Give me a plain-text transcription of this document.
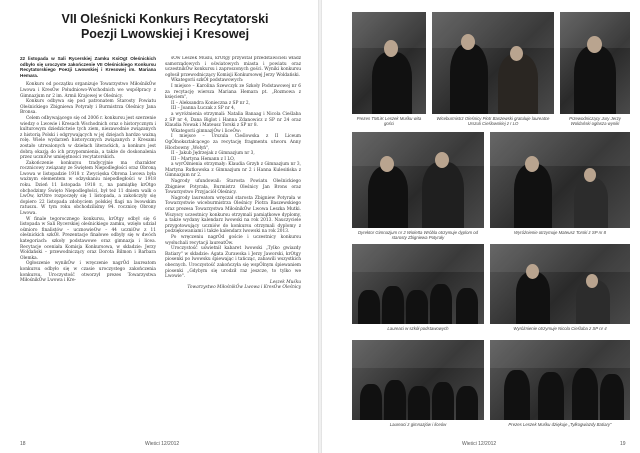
VII Oleśnicki Konkurs Recytatorski
Poezji Lwowskiej i Kresowej

22 listopada w Sali Rycerskiej Zamku KsiOgt Oleśnickich odbyło się uroczyste zakończenie VII Oleśnickiego Konkursu Recytatorskiego Poezji Lwowskiej i Kresowej im. Mariana Hemara.

Konkurs od początku organizuje Towarzystwo MiłośnikÓw Lwowa i KresÓw Południowo-Wschodnich we współpracy z Gimnazjum nr 2 im. Armii Krajowej w Oleśnicy.

Konkurs odbywa się pod patronatem Starosty Powiatu Oleśnickiego Zbigniewa Potyrały i Burmistrza Oleśnicy Jana Bronsa.

Celem odbywającego się od 2006 r. konkursu jest szerzenie wiedzy o Lwowie i Kresach Wschodnich oraz o historycznym i kulturowym dziedzictwie tych ziem, niezawodnie związanych z historią Polski i odgrywających w jej dziejach bardzo ważną rolę. Wiele wydarzeń historycznych związanych z Kresami zostało utrwalonych w dziełach literackich, a konkurs jest dobrą okazją do ich przypomnienia, a także do doskonalenia przez uczniÓw umiejętności recytatorskich.

Zakończenie konkursu tradycyjnie ma charakter rocznicowy związany ze Świętem Niepodległości oraz Obroną Lwowa w listopadzie 1918 r. Zwycięska Obrona Lwowa była ważnym elementem w odzyskaniu niepodległości w 1918 roku. Dzień 11 listopada 1918 r., na pamiątkę krOtgo obchodzimy Święto Niepodległości, był też 11 dniem walk o LwÓw, krOtre rozpoczęły się 1 listopada, a zakończyły się dopiero 22 listopada zdobyciem polskiej flagi na lwowskim ratuszu. W tym roku obchodziliśmy 94. rocznicę Obrony Lwowa.

W finale tegorocznego konkursu, krOtgy odbył się 6 listopada w Sali Rycerskiej oleśnickiego zamku, wzięło udział ośmioro finalistów – ucznowieOw – 44 uczniOw z 11 oleśnickich szkÓł. Prezentacje finałowe odbyły się w dwóch kategoriach: szkoły podstawowe oraz gimnazja i licea. Recytacje oceniała Komisja Konkursowa, w składzie: Jerzy Woldański – przewodniczący oraz Dorota Bilmon i Barbara Olemka.

Ogłoszenie wynikÓw i wręczenie nagrÓd laureatom konkursu odbyło się w czasie uroczystego zakończenia konkursu. Uroczystość otworzył prezes Towarzystwa MiłośnikÓw Lwowa i Kre-

sÓw Leszek Muślu, krOtgy przywitał przedstawicieli władz samorządowych i oświatowych miasta i powiatu oraz uczestnikÓw konkursu i zaproszonych gości. Wyniki konkursu ogłosił przewodniczący Komisji Konkursowej Jerzy Woldański.

Wkategorii szkÓł podstawowych:

I miejsce – Karolina Szewczyk ze Szkoły Podstawowej nr 6 za recytację wiersza Mariana Hemara pt. „Rozmowa z księciem",

II – Aleksandra Konieczna z SP nr 2,

III – Joanna Łuczak z SP nr 4,

a wyróżnienia otrzymali: Natalia Banaag i Nicola Cieślaba z SP nr 4, Dana Biglot i Hanna Zdanowicz z SP nr 24 oraz Klaudia Nowak i Mateusz Torski z SP nr 8.

Wkategorii gimnazjÓw i liceÓw:

I miejsce – Urszula Cieślowska z II Liceum OgÓlnokształcącego za recytację fragmentu utworu Anny Hlocbowny „Wołyń",

II – Jakub Jędrzejak z Gimnazjum nr 3,

III – Martyna Hemann z I LO,

a wyrÓżnienia otrzymały: Klaudia Grzyb z Gimnazjum nr 3, Martyna Rutkowska z Gimnazjum nr 2 i Hanna Kulesińska z Gimnazjum nr 2.

Nagrody ufundowali: Starosta Powiatu Oleśnickiego Zbigniew Potyrała, Burmistrz Oleśnicy Jan Brons oraz Towarzystwo Przyjaciół Oleśnicy.

Nagrody laureatom wręczał starosta Zbigniew Potyrała w Towarzystwie wiceburmistrza Oleśnicy Piotra Baszewskiego oraz prezesa Towarzystwa MiłośnikÓw Lwowa Leszka Mutki. Wszyscy uczestnicy konkursu otrzymali pamiątkowe dyplomy, a także wydany kalendarz lwowski na rok 2013. Nauczyciele przygotowujący uczniów do konkursu otrzymali dyplomy z podziękowaniami i także kalendarz lwowski na rok 2013.

Po wręczeniu nagrÓd goście i uczestnicy konkursu wysłuchali recytacji laureatÓw.

Uroczystość uświetnił kabaret lwowski „Tylko gwiazdy Batiary" w składzie: Agata Zurawska i Jerzy Jaworski, krOtgy piosenki po lwowsku śpiewając i tańcząc, zabawili wszystkich obecnych. Uroczystość zakończyła się wspÓlnym śpiewaniem piosenki „Gdybym się urodził raz jeszcze, to tylko we Lwowie".

Leszek Muśku

Towarzystwo MiłośnikÓw Lwowa i KresÓw Oleśnicy

18	Wieści 12/2012
Prezes TMLiK Leszek Muśku wita gości
Wiceburmistrz Oleśnicy Piotr Baszewski gratuluje laureatce Urszuli Cieślowskiej z I LO
Przewodniczący Jury Jerzy Woldański ogłasza wyniki
Dyrektor Gimnazjum nr 2 Wioletta Wróbla otrzymuje dyplom od starosty Zbigniewa Potyrały
Wyróżnienie otrzymuje Mateusz Torski z SP nr 8
Laureaci w szkół podstawowych	Wyróżnienie otrzymuje Nicola Cieślaba z SP nr 4
Laureaci z gimnazjów i liceów	Prezes Leszek Muśku dziękuje „Tylkogwiazdy Batiary"
Wieści 12/2012	19
